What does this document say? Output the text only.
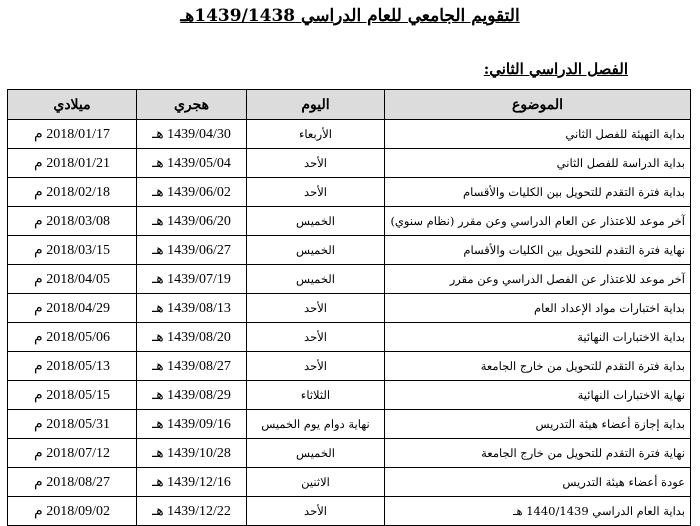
التقويم الجامعي للعام الدراسي 1439/1438هـ
الفصل الدراسي الثاني:
الموضوع	اليوم	هجري	ميلادي
بداية التهيئة للفصل الثاني	الأربعاء	1439/04/30 هـ	2018/01/17 م
بداية الدراسة للفصل الثاني	الأحد	1439/05/04 هـ	2018/01/21 م
بداية فترة التقدم للتحويل بين الكليات والأقسام	الأحد	1439/06/02 هـ	2018/02/18 م
آخر موعد للاعتذار عن العام الدراسي وعن مقرر (نظام سنوي)	الخميس	1439/06/20 هـ	2018/03/08 م
نهاية فترة التقدم للتحويل بين الكليات والأقسام	الخميس	1439/06/27 هـ	2018/03/15 م
آخر موعد للاعتذار عن الفصل الدراسي وعن مقرر	الخميس	1439/07/19 هـ	2018/04/05 م
بداية اختبارات مواد الإعداد العام	الأحد	1439/08/13 هـ	2018/04/29 م
بداية الاختبارات النهائية	الأحد	1439/08/20 هـ	2018/05/06 م
بداية فترة التقدم للتحويل من خارج الجامعة	الأحد	1439/08/27 هـ	2018/05/13 م
نهاية الاختبارات النهائية	الثلاثاء	1439/08/29 هـ	2018/05/15 م
بداية إجازة أعضاء هيئة التدريس	نهاية دوام يوم الخميس	1439/09/16 هـ	2018/05/31 م
نهاية فترة التقدم للتحويل من خارج الجامعة	الخميس	1439/10/28 هـ	2018/07/12 م
عودة أعضاء هيئة التدريس	الاثنين	1439/12/16 هـ	2018/08/27 م
بداية العام الدراسي 1440/1439 هـ	الأحد	1439/12/22 هـ	2018/09/02 م
